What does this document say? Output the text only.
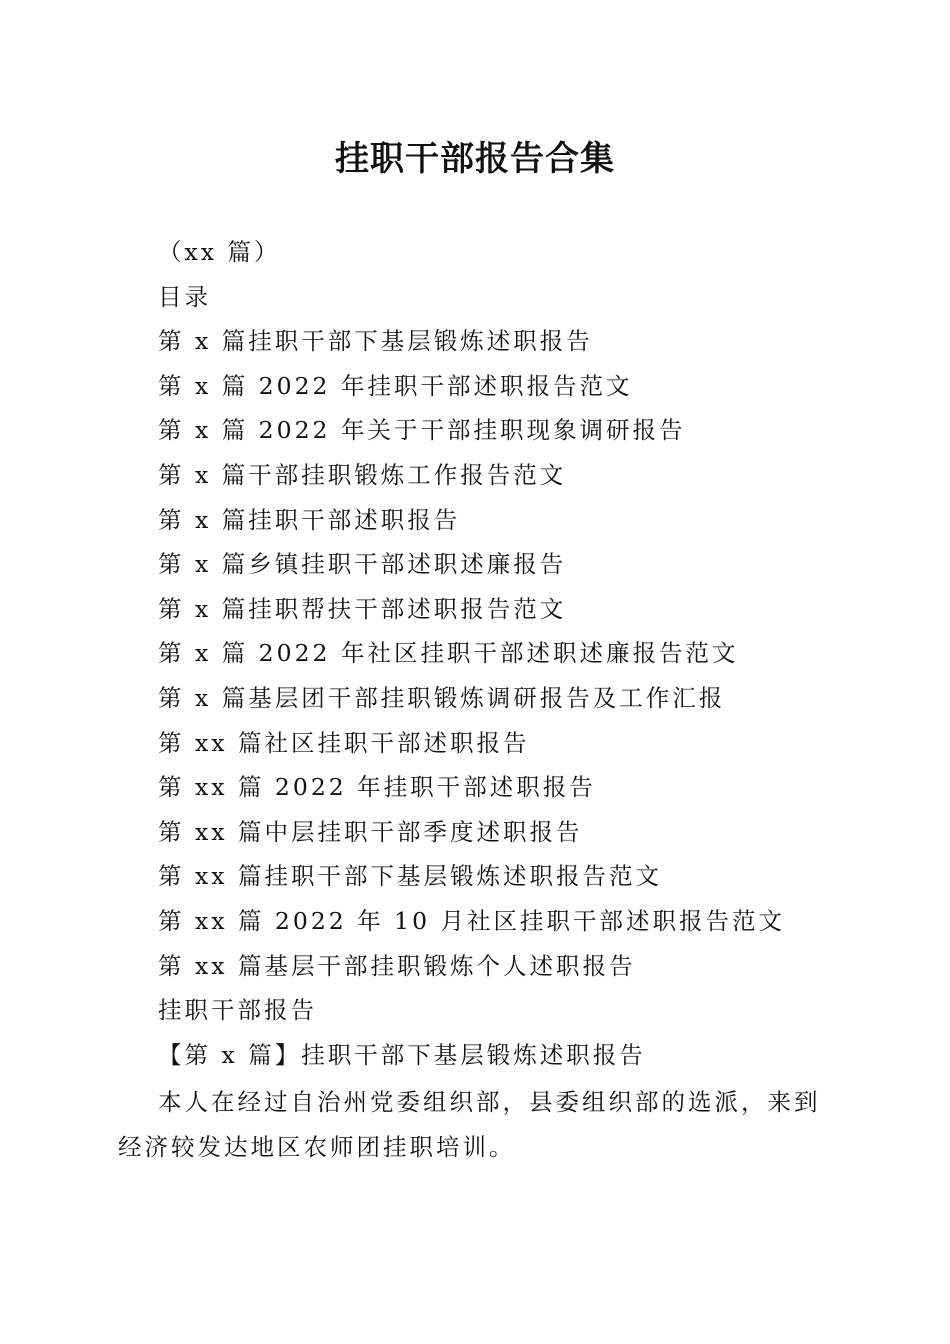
挂职干部报告合集
（xx 篇）
目录
第 x 篇挂职干部下基层锻炼述职报告
第 x 篇 2022 年挂职干部述职报告范文
第 x 篇 2022 年关于干部挂职现象调研报告
第 x 篇干部挂职锻炼工作报告范文
第 x 篇挂职干部述职报告
第 x 篇乡镇挂职干部述职述廉报告
第 x 篇挂职帮扶干部述职报告范文
第 x 篇 2022 年社区挂职干部述职述廉报告范文
第 x 篇基层团干部挂职锻炼调研报告及工作汇报
第 xx 篇社区挂职干部述职报告
第 xx 篇 2022 年挂职干部述职报告
第 xx 篇中层挂职干部季度述职报告
第 xx 篇挂职干部下基层锻炼述职报告范文
第 xx 篇 2022 年 10 月社区挂职干部述职报告范文
第 xx 篇基层干部挂职锻炼个人述职报告
挂职干部报告
【第 x 篇】挂职干部下基层锻炼述职报告
本人在经过自治州党委组织部，县委组织部的选派，来到经济较发达地区农师团挂职培训。
